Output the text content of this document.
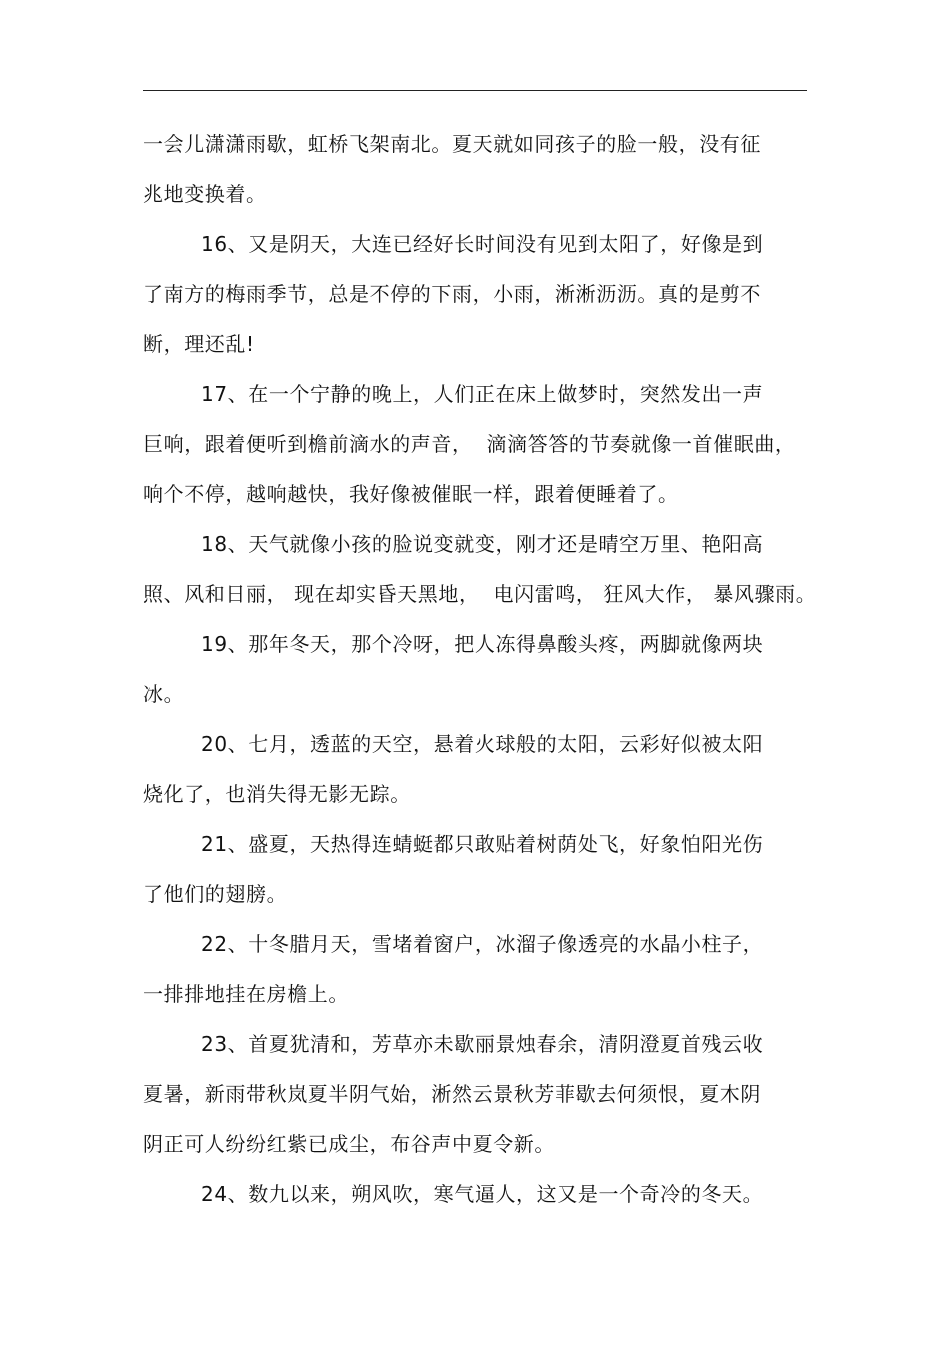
一会儿潇潇雨歇，虹桥飞架南北。夏天就如同孩子的脸一般，没有征
兆地变换着。
16、又是阴天，大连已经好长时间没有见到太阳了，好像是到
了南方的梅雨季节，总是不停的下雨，小雨，淅淅沥沥。真的是剪不
断，理还乱!
17、在一个宁静的晚上，人们正在床上做梦时，突然发出一声
巨响，跟着便听到檐前滴水的声音，  滴滴答答的节奏就像一首催眠曲，
响个不停，越响越快，我好像被催眠一样，跟着便睡着了。
18、天气就像小孩的脸说变就变，刚才还是晴空万里、艳阳高
照、风和日丽， 现在却实昏天黑地，  电闪雷鸣， 狂风大作， 暴风骤雨。
19、那年冬天，那个冷呀，把人冻得鼻酸头疼，两脚就像两块
冰。
20、七月，透蓝的天空，悬着火球般的太阳，云彩好似被太阳
烧化了，也消失得无影无踪。
21、盛夏，天热得连蜻蜓都只敢贴着树荫处飞，好象怕阳光伤
了他们的翅膀。
22、十冬腊月天，雪堵着窗户，冰溜子像透亮的水晶小柱子，
一排排地挂在房檐上。
23、首夏犹清和，芳草亦未歇丽景烛春余，清阴澄夏首残云收
夏暑，新雨带秋岚夏半阴气始，淅然云景秋芳菲歇去何须恨，夏木阴
阴正可人纷纷红紫已成尘，布谷声中夏令新。
24、数九以来，朔风吹，寒气逼人，这又是一个奇冷的冬天。
